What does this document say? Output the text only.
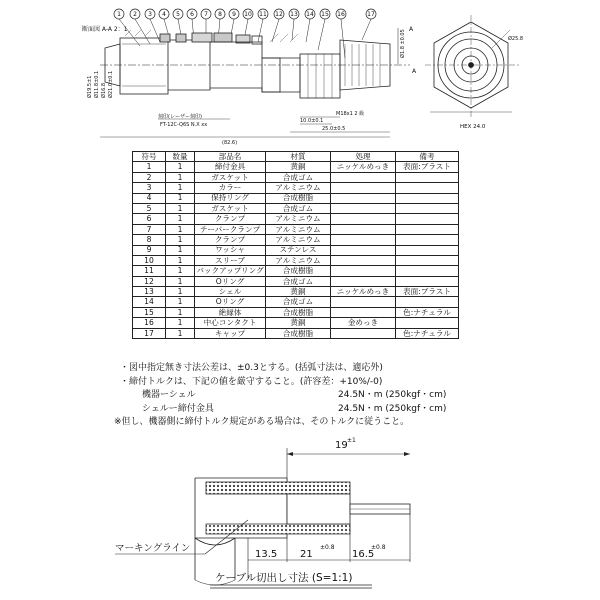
1 2 3 4 5 6 7 8 9 10 11 12 13 14 15 16	17
断面図 A-A 2：1	A
A
Ø19.5±1 Ø11.8±0.1 Ø16.8 Ø21.0±0.1
Ø1.8 ±0.05
M18x1 2 級
10.0±0.1
25.0±0.5
刻印(レーザー刻印)
FT-12C-Q6S N.X xx
(82.6)
Ø25.8
HEX 24.0
符号	数量	部品名	材質	処理	備考
1	1	締付金具	黄銅	ニッケルめっき	表面:ブラスト
2	1	ガスケット	合成ゴム		
3	1	カラー	アルミニウム		
4	1	保持リング	合成樹脂		
5	1	ガスケット	合成ゴム		
6	1	クランプ	アルミニウム		
7	1	テーパークランプ	アルミニウム		
8	1	クランプ	アルミニウム		
9	1	ワッシャ	ステンレス		
10	1	スリーブ	アルミニウム		
11	1	バックアップリング	合成樹脂		
12	1	Oリング	合成ゴム		
13	1	シェル	黄銅	ニッケルめっき	表面:ブラスト
14	1	Oリング	合成ゴム		
15	1	絶縁体	合成樹脂		色:ナチュラル
16	1	中心コンタクト	黄銅	金めっき	
17	1	キャップ	合成樹脂		色:ナチュラル
・図中指定無き寸法公差は、±0.3とする。(括弧寸法は、適応外)
・締付トルクは、下記の値を厳守すること。(許容差：+10%/-0)
機器ーシェル	24.5N・m (250kgf・cm)
シェルー締付金具	24.5N・m (250kgf・cm)
※但し、機器側に締付トルク規定がある場合は、そのトルクに従うこと。
19 ±1
マーキングライン
13.5 21
±0.8
16.5
±0.8
ケーブル切出し寸法 (S=1:1)
